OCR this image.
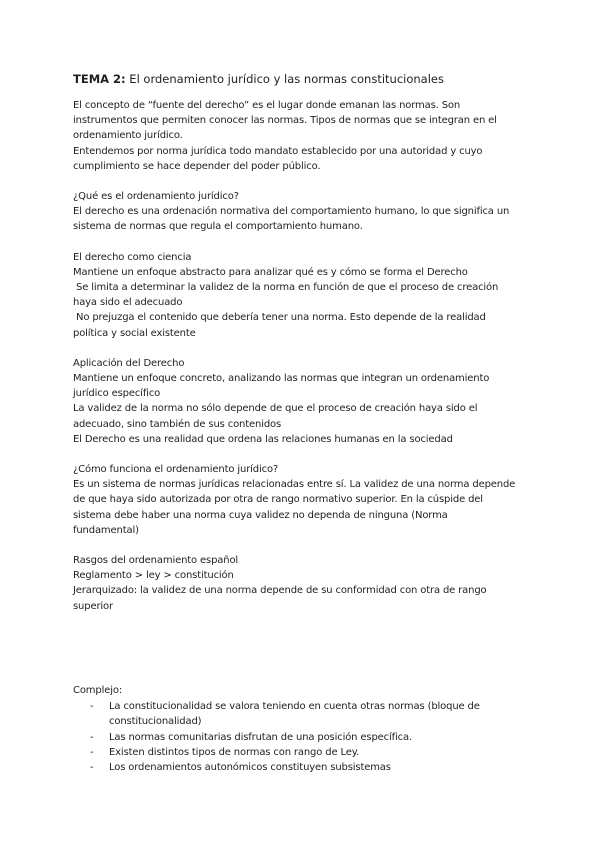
TEMA 2: El ordenamiento jurídico y las normas constitucionales

El concepto de “fuente del derecho” es el lugar donde emanan las normas. Son
instrumentos que permiten conocer las normas. Tipos de normas que se integran en el
ordenamiento jurídico.
Entendemos por norma jurídica todo mandato establecido por una autoridad y cuyo
cumplimiento se hace depender del poder público.
¿Qué es el ordenamiento jurídico?
El derecho es una ordenación normativa del comportamiento humano, lo que significa un
sistema de normas que regula el comportamiento humano.
El derecho como ciencia
Mantiene un enfoque abstracto para analizar qué es y cómo se forma el Derecho
Se limita a determinar la validez de la norma en función de que el proceso de creación
haya sido el adecuado
No prejuzga el contenido que debería tener una norma. Esto depende de la realidad
política y social existente
Aplicación del Derecho
Mantiene un enfoque concreto, analizando las normas que integran un ordenamiento
jurídico específico
La validez de la norma no sólo depende de que el proceso de creación haya sido el
adecuado, sino también de sus contenidos
El Derecho es una realidad que ordena las relaciones humanas en la sociedad
¿Cómo funciona el ordenamiento jurídico?
Es un sistema de normas jurídicas relacionadas entre sí. La validez de una norma depende
de que haya sido autorizada por otra de rango normativo superior. En la cúspide del
sistema debe haber una norma cuya validez no dependa de ninguna (Norma
fundamental)
Rasgos del ordenamiento español
Reglamento > ley > constitución
Jerarquizado: la validez de una norma depende de su conformidad con otra de rango
superior
Complejo:
- La constitucionalidad se valora teniendo en cuenta otras normas (bloque de
constitucionalidad)
- Las normas comunitarias disfrutan de una posición específica.
- Existen distintos tipos de normas con rango de Ley.
- Los ordenamientos autonómicos constituyen subsistemas
